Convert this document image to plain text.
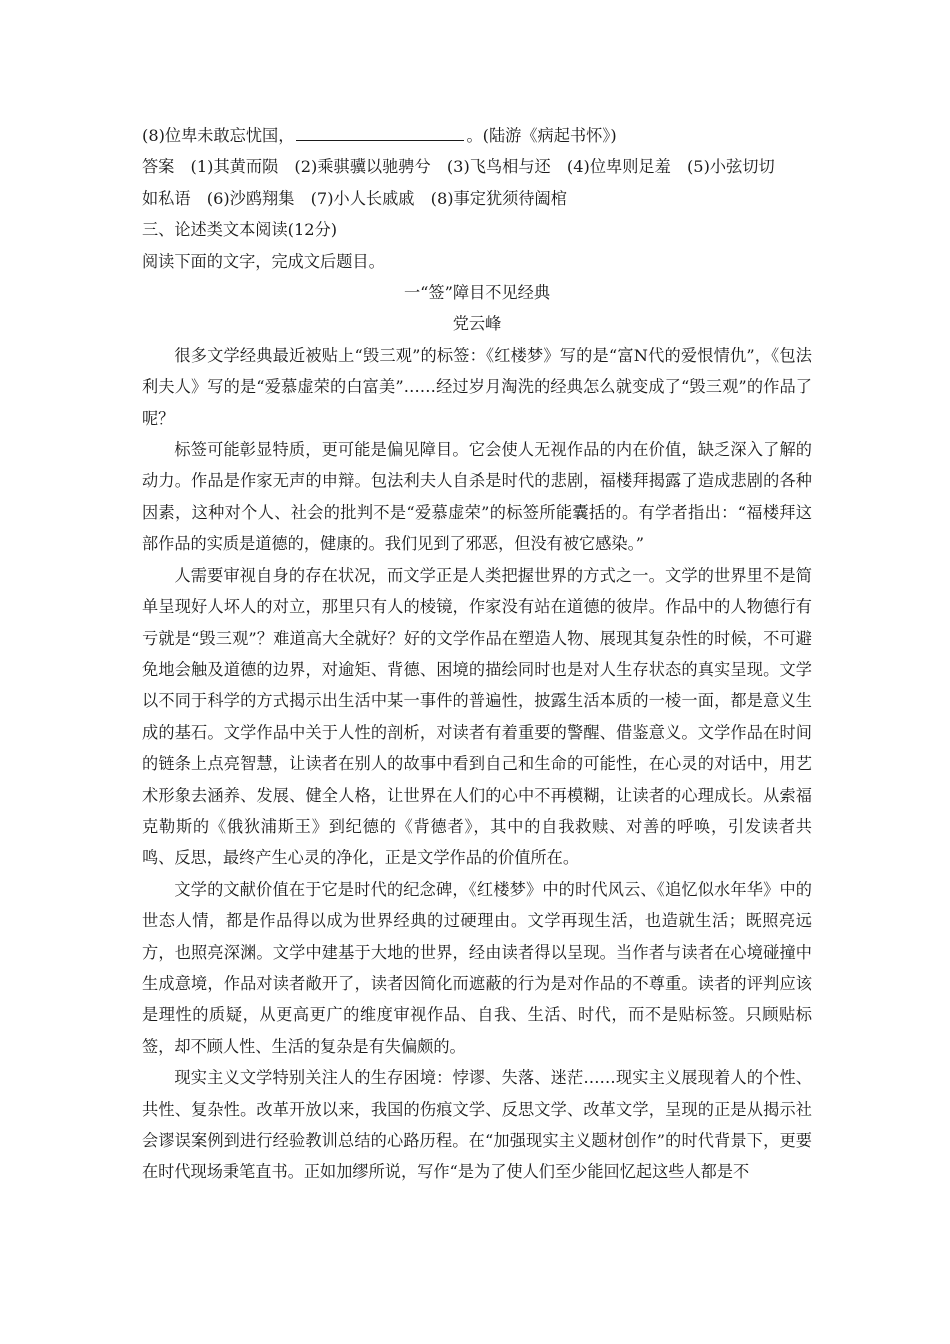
(8)位卑未敢忘忧国，	。(陆游《病起书怀》)
答案　(1)其黄而陨　(2)乘骐骥以驰骋兮　(3)飞鸟相与还　(4)位卑则足羞　(5)小弦切切
如私语　(6)沙鸥翔集　(7)小人长戚戚　(8)事定犹须待阖棺
三、论述类文本阅读(12分)
阅读下面的文字，完成文后题目。
一“签”障目不见经典
党云峰

很多文学经典最近被贴上“毁三观”的标签：《红楼梦》写的是“富N代的爱恨情仇”，《包法利夫人》写的是“爱慕虚荣的白富美”……经过岁月淘洗的经典怎么就变成了“毁三观”的作品了呢？

标签可能彰显特质，更可能是偏见障目。它会使人无视作品的内在价值，缺乏深入了解的动力。作品是作家无声的申辩。包法利夫人自杀是时代的悲剧，福楼拜揭露了造成悲剧的各种因素，这种对个人、社会的批判不是“爱慕虚荣”的标签所能囊括的。有学者指出：“福楼拜这部作品的实质是道德的，健康的。我们见到了邪恶，但没有被它感染。”

人需要审视自身的存在状况，而文学正是人类把握世界的方式之一。文学的世界里不是简单呈现好人坏人的对立，那里只有人的棱镜，作家没有站在道德的彼岸。作品中的人物德行有亏就是“毁三观”？难道高大全就好？好的文学作品在塑造人物、展现其复杂性的时候，不可避免地会触及道德的边界，对逾矩、背德、困境的描绘同时也是对人生存状态的真实呈现。文学以不同于科学的方式揭示出生活中某一事件的普遍性，披露生活本质的一棱一面，都是意义生成的基石。文学作品中关于人性的剖析，对读者有着重要的警醒、借鉴意义。文学作品在时间的链条上点亮智慧，让读者在别人的故事中看到自己和生命的可能性，在心灵的对话中，用艺术形象去涵养、发展、健全人格，让世界在人们的心中不再模糊，让读者的心理成长。从索福克勒斯的《俄狄浦斯王》到纪德的《背德者》，其中的自我救赎、对善的呼唤，引发读者共鸣、反思，最终产生心灵的净化，正是文学作品的价值所在。

文学的文献价值在于它是时代的纪念碑，《红楼梦》中的时代风云、《追忆似水年华》中的世态人情，都是作品得以成为世界经典的过硬理由。文学再现生活，也造就生活；既照亮远方，也照亮深渊。文学中建基于大地的世界，经由读者得以呈现。当作者与读者在心境碰撞中生成意境，作品对读者敞开了，读者因简化而遮蔽的行为是对作品的不尊重。读者的评判应该是理性的质疑，从更高更广的维度审视作品、自我、生活、时代，而不是贴标签。只顾贴标签，却不顾人性、生活的复杂是有失偏颇的。

现实主义文学特别关注人的生存困境：悖谬、失落、迷茫……现实主义展现着人的个性、共性、复杂性。改革开放以来，我国的伤痕文学、反思文学、改革文学，呈现的正是从揭示社会谬误案例到进行经验教训总结的心路历程。在“加强现实主义题材创作”的时代背景下，更要在时代现场秉笔直书。正如加缪所说，写作“是为了使人们至少能回忆起这些人都是不
